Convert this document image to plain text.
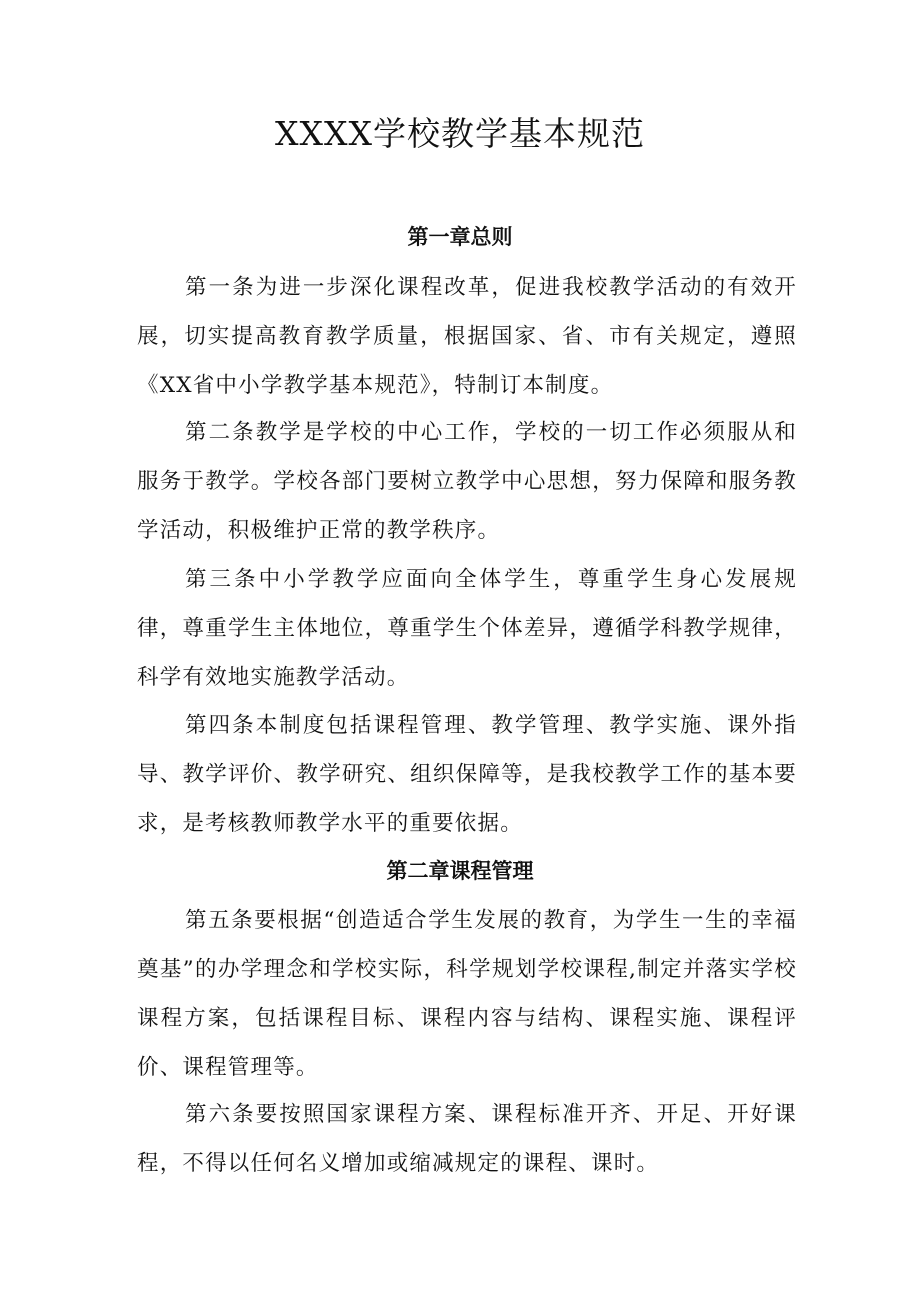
XXXX学校教学基本规范
第一章总则

第一条为进一步深化课程改革，促进我校教学活动的有效开展，切实提高教育教学质量，根据国家、省、市有关规定，遵照《XX省中小学教学基本规范》，特制订本制度。

第二条教学是学校的中心工作，学校的一切工作必须服从和服务于教学。学校各部门要树立教学中心思想，努力保障和服务教学活动，积极维护正常的教学秩序。

第三条中小学教学应面向全体学生，尊重学生身心发展规律，尊重学生主体地位，尊重学生个体差异，遵循学科教学规律，科学有效地实施教学活动。

第四条本制度包括课程管理、教学管理、教学实施、课外指导、教学评价、教学研究、组织保障等，是我校教学工作的基本要求，是考核教师教学水平的重要依据。

第二章课程管理

第五条要根据“创造适合学生发展的教育，为学生一生的幸福奠基”的办学理念和学校实际，科学规划学校课程,制定并落实学校课程方案，包括课程目标、课程内容与结构、课程实施、课程评价、课程管理等。

第六条要按照国家课程方案、课程标准开齐、开足、开好课程，不得以任何名义增加或缩减规定的课程、课时。
